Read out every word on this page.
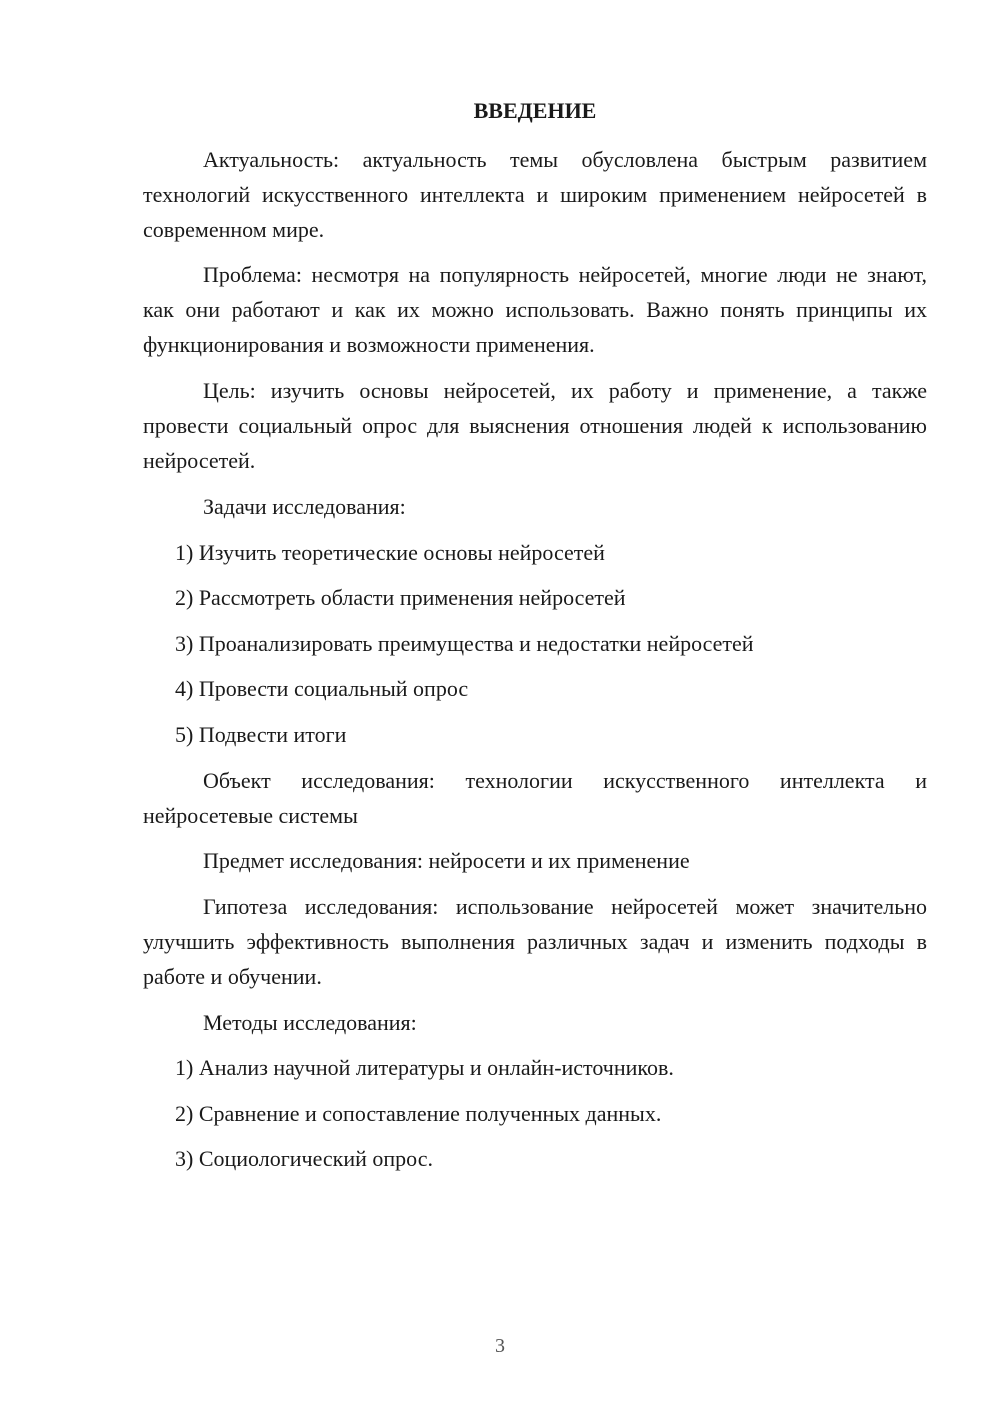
ВВЕДЕНИЕ

Актуальность: актуальность темы обусловлена быстрым развитием технологий искусственного интеллекта и широким применением нейросетей в современном мире.

Проблема: несмотря на популярность нейросетей, многие люди не знают, как они работают и как их можно использовать. Важно понять принципы их функционирования и возможности применения.

Цель: изучить основы нейросетей, их работу и применение, а также провести социальный опрос для выяснения отношения людей к использованию нейросетей.

Задачи исследования:

1) Изучить теоретические основы нейросетей

2) Рассмотреть области применения нейросетей

3) Проанализировать преимущества и недостатки нейросетей

4) Провести социальный опрос

5) Подвести итоги

Объект исследования: технологии искусственного интеллекта и нейросетевые системы

Предмет исследования: нейросети и их применение

Гипотеза исследования: использование нейросетей может значительно улучшить эффективность выполнения различных задач и изменить подходы в работе и обучении.

Методы исследования:

1) Анализ научной литературы и онлайн-источников.

2) Сравнение и сопоставление полученных данных.

3) Социологический опрос.

3
